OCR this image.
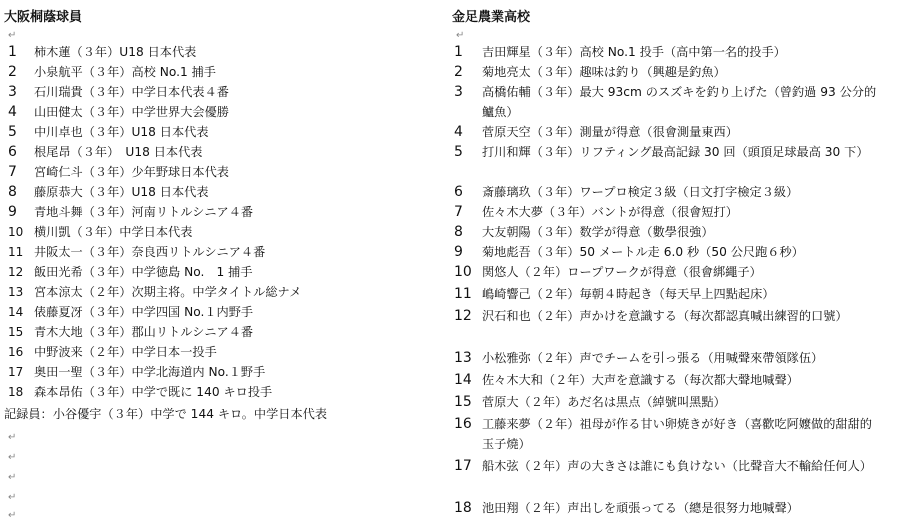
大阪桐蔭球員
↵
1 柿木蓮（３年）U18 日本代表
2 小泉航平（３年）高校 No.1 捕手
3 石川瑞貴（３年）中学日本代表４番
4 山田健太（３年）中学世界大会優勝
5 中川卓也（３年）U18 日本代表
6 根尾昂（３年）　U18 日本代表
7 宮崎仁斗（３年）少年野球日本代表
8 藤原恭大（３年）U18 日本代表
9 青地斗舞（３年）河南リトルシニア４番
10 横川凱（３年）中学日本代表
11 井阪太一（３年）奈良西リトルシニア４番
12 飯田光希（３年）中学徳島 No.　1 捕手
13 宮本涼太（２年）次期主将。中学タイトル総ナメ
14 俵藤夏冴（３年）中学四国 No.１内野手
15 青木大地（３年）郡山リトルシニア４番
16 中野波来（２年）中学日本一投手
17 奥田一聖（３年）中学北海道内 No.１野手
18 森本昂佑（３年）中学で既に 140 キロ投手
記録員：小谷優宇（３年）中学で 144 キロ。中学日本代表
↵
↵
↵
↵
↵
金足農業高校
↵
1	吉田輝星（３年）高校 No.1 投手（高中第一名的投手）
2	菊地亮太（３年）趣味は釣り（興趣是釣魚）
3	高橋佑輔（３年）最大 93cm のスズキを釣り上げた（曾釣過 93 公分的鱸魚）
4	菅原天空（３年）測量が得意（很會測量東西）
5	打川和輝（３年）リフティング最高記録 30 回（頭頂足球最高 30 下）
6	斎藤璃玖（３年）ワープロ検定３級（日文打字檢定３級）
7	佐々木大夢（３年）バントが得意（很會短打）
8	大友朝陽（３年）数学が得意（數學很強）
9	菊地彪吾（３年）50 メートル走 6.0 秒（50 公尺跑６秒）
10 関悠人（２年）ロープワークが得意（很會綁繩子）
11 嶋崎響己（２年）毎朝４時起き（每天早上四點起床）
12 沢石和也（２年）声かけを意識する（每次都認真喊出練習的口號）
13 小松雅弥（２年）声でチームを引っ張る（用喊聲來帶領隊伍）
14 佐々木大和（２年）大声を意識する（每次都大聲地喊聲）
15 菅原大（２年）あだ名は黒点（綽號叫黑點）
16 工藤来夢（２年）祖母が作る甘い卵焼きが好き（喜歡吃阿嬤做的甜甜的玉子燒）
17 船木弦（２年）声の大きさは誰にも負けない（比聲音大不輸給任何人）
18 池田翔（２年）声出しを頑張ってる（總是很努力地喊聲）
